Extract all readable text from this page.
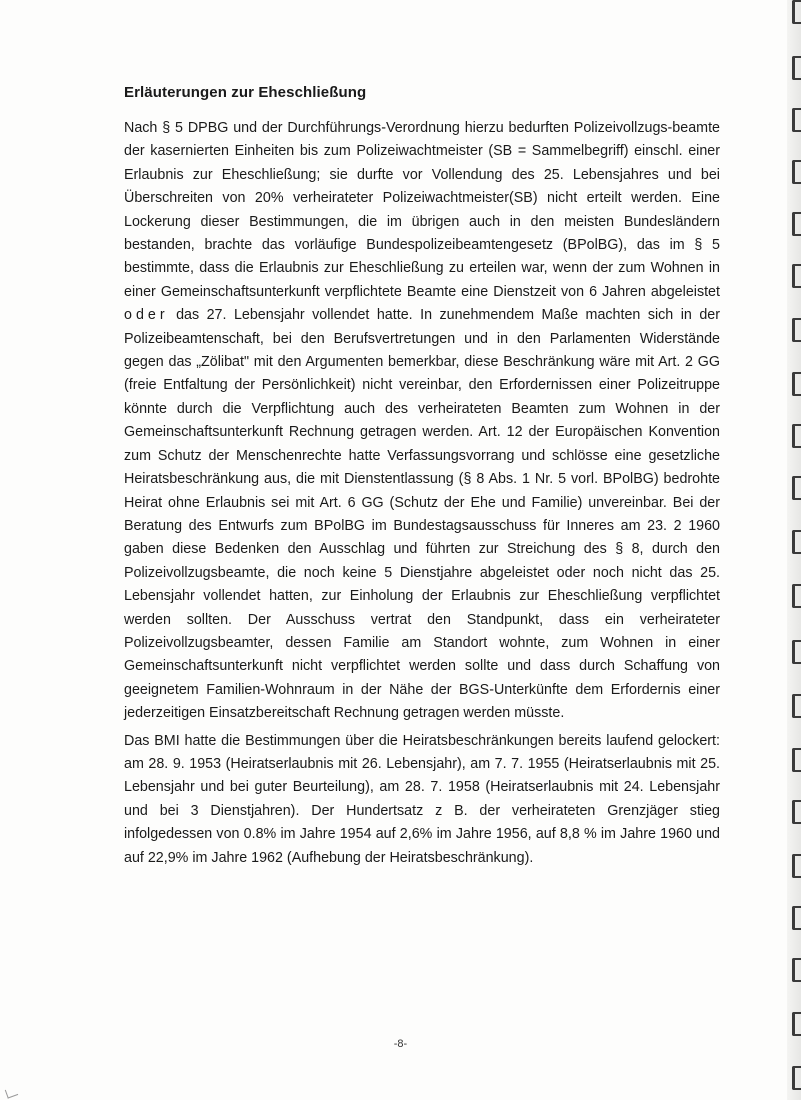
Erläuterungen zur Eheschließung

Nach § 5 DPBG und der Durchführungs-Verordnung hierzu bedurften Polizeivollzugs-beamte der kasernierten Einheiten bis zum Polizeiwachtmeister (SB = Sammelbegriff) einschl. einer Erlaubnis zur Eheschließung; sie durfte vor Vollendung des 25. Lebensjahres und bei Überschreiten von 20% verheirateter Polizeiwachtmeister(SB) nicht erteilt werden. Eine Lockerung dieser Bestimmungen, die im übrigen auch in den meisten Bundesländern bestanden, brachte das vorläufige Bundespolizeibeamtengesetz (BPolBG), das im § 5 bestimmte, dass die Erlaubnis zur Eheschließung zu erteilen war, wenn der zum Wohnen in einer Gemeinschaftsunterkunft verpflichtete Beamte eine Dienstzeit von 6 Jahren abgeleistet oder das 27. Lebensjahr vollendet hatte. In zunehmendem Maße machten sich in der Polizeibeamtenschaft, bei den Berufsvertretungen und in den Parlamenten Widerstände gegen das „Zölibat" mit den Argumenten bemerkbar, diese Beschränkung wäre mit Art. 2 GG (freie Entfaltung der Persönlichkeit) nicht vereinbar, den Erfordernissen einer Polizeitruppe könnte durch die Verpflichtung auch des verheirateten Beamten zum Wohnen in der Gemeinschaftsunterkunft Rechnung getragen werden. Art. 12 der Europäischen Konvention zum Schutz der Menschenrechte hatte Verfassungsvorrang und schlösse eine gesetzliche Heiratsbeschränkung aus, die mit Dienstentlassung (§ 8 Abs. 1 Nr. 5 vorl. BPolBG) bedrohte Heirat ohne Erlaubnis sei mit Art. 6 GG (Schutz der Ehe und Familie) unvereinbar. Bei der Beratung des Entwurfs zum BPolBG im Bundestagsausschuss für Inneres am 23. 2 1960 gaben diese Bedenken den Ausschlag und führten zur Streichung des § 8, durch den Polizeivollzugsbeamte, die noch keine 5 Dienstjahre abgeleistet oder noch nicht das 25. Lebensjahr vollendet hatten, zur Einholung der Erlaubnis zur Eheschließung verpflichtet werden sollten. Der Ausschuss vertrat den Standpunkt, dass ein verheirateter Polizeivollzugsbeamter, dessen Familie am Standort wohnte, zum Wohnen in einer Gemeinschaftsunterkunft nicht verpflichtet werden sollte und dass durch Schaffung von geeignetem Familien-Wohnraum in der Nähe der BGS-Unterkünfte dem Erfordernis einer jederzeitigen Einsatzbereitschaft Rechnung getragen werden müsste.

Das BMI hatte die Bestimmungen über die Heiratsbeschränkungen bereits laufend gelockert: am 28. 9. 1953 (Heiratserlaubnis mit 26. Lebensjahr), am 7. 7. 1955 (Heiratserlaubnis mit 25. Lebensjahr und bei guter Beurteilung), am 28. 7. 1958 (Heiratserlaubnis mit 24. Lebensjahr und bei 3 Dienstjahren). Der Hundertsatz z B. der verheirateten Grenzjäger stieg infolgedessen von 0.8% im Jahre 1954 auf 2,6% im Jahre 1956, auf 8,8 % im Jahre 1960 und auf 22,9% im Jahre 1962 (Aufhebung der Heiratsbeschränkung).

-8-
